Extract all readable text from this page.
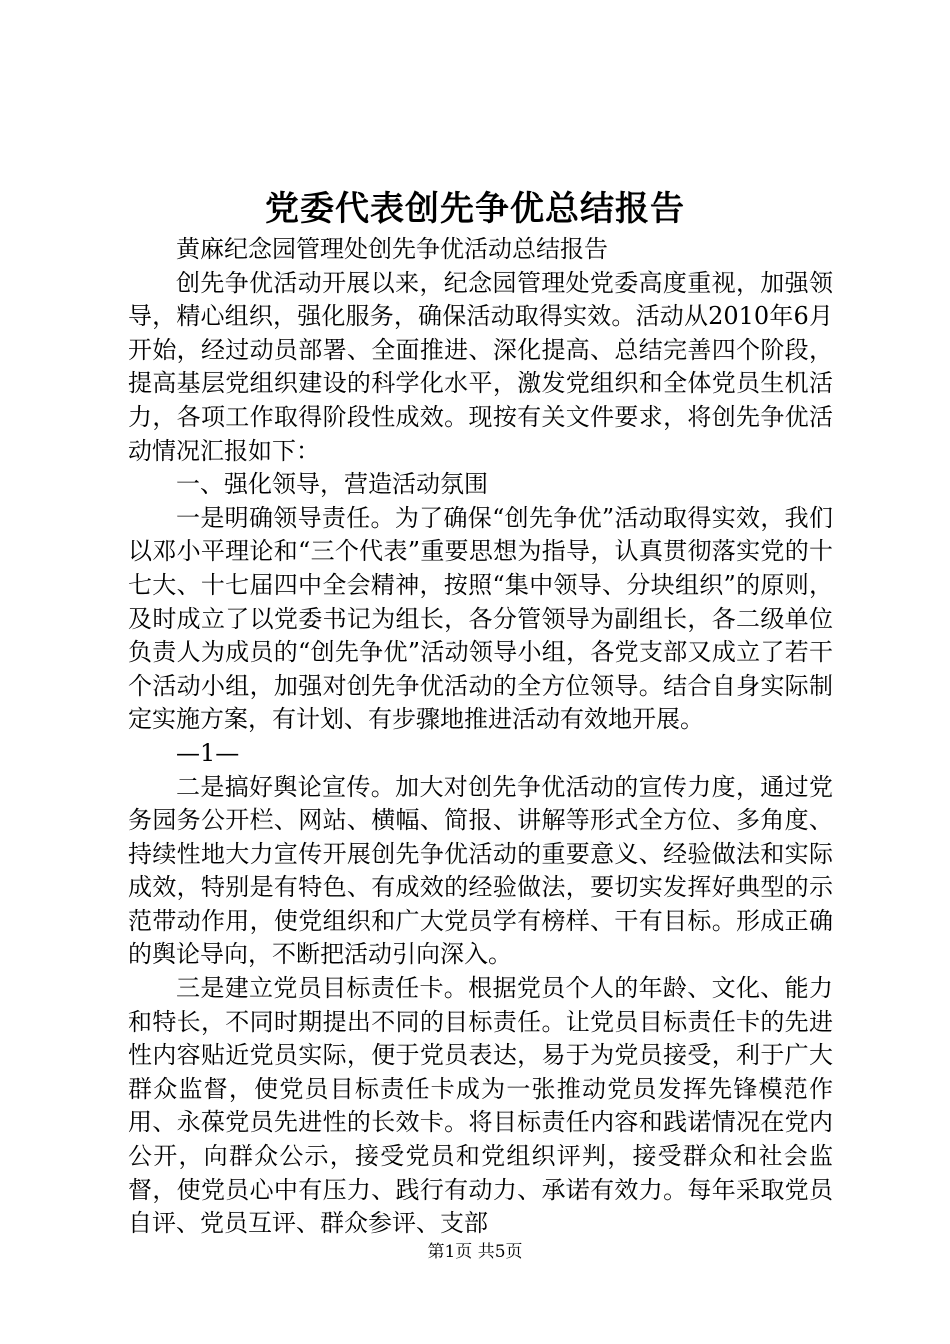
党委代表创先争优总结报告

黄麻纪念园管理处创先争优活动总结报告

创先争优活动开展以来，纪念园管理处党委高度重视，加强领导，精心组织，强化服务，确保活动取得实效。活动从2010年6月开始，经过动员部署、全面推进、深化提高、总结完善四个阶段，提高基层党组织建设的科学化水平，激发党组织和全体党员生机活力，各项工作取得阶段性成效。现按有关文件要求，将创先争优活动情况汇报如下：

一、强化领导，营造活动氛围

一是明确领导责任。为了确保“创先争优”活动取得实效，我们以邓小平理论和“三个代表”重要思想为指导，认真贯彻落实党的十七大、十七届四中全会精神，按照“集中领导、分块组织”的原则，及时成立了以党委书记为组长，各分管领导为副组长，各二级单位负责人为成员的“创先争优”活动领导小组，各党支部又成立了若干个活动小组，加强对创先争优活动的全方位领导。结合自身实际制定实施方案，有计划、有步骤地推进活动有效地开展。

—1—

二是搞好舆论宣传。加大对创先争优活动的宣传力度，通过党务园务公开栏、网站、横幅、简报、讲解等形式全方位、多角度、持续性地大力宣传开展创先争优活动的重要意义、经验做法和实际成效，特别是有特色、有成效的经验做法，要切实发挥好典型的示范带动作用，使党组织和广大党员学有榜样、干有目标。形成正确的舆论导向，不断把活动引向深入。

三是建立党员目标责任卡。根据党员个人的年龄、文化、能力和特长，不同时期提出不同的目标责任。让党员目标责任卡的先进性内容贴近党员实际，便于党员表达，易于为党员接受，利于广大群众监督，使党员目标责任卡成为一张推动党员发挥先锋模范作用、永葆党员先进性的长效卡。将目标责任内容和践诺情况在党内公开，向群众公示，接受党员和党组织评判，接受群众和社会监督，使党员心中有压力、践行有动力、承诺有效力。每年采取党员自评、党员互评、群众参评、支部

第1页 共5页
